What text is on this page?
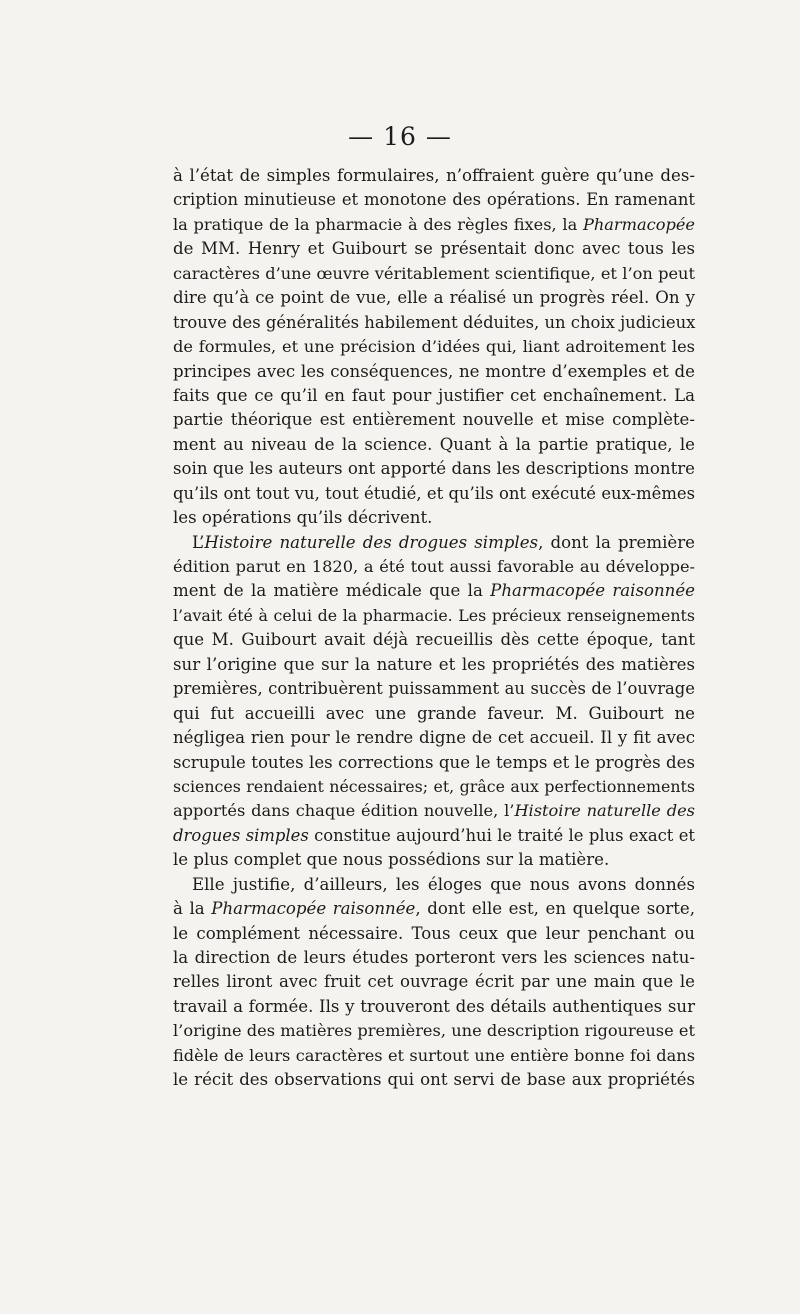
— 16 —
à l’état de simples formulaires, n’offraient guère qu’une des-
cription minutieuse et monotone des opérations. En ramenant
la pratique de la pharmacie à des règles fixes, la Pharmacopée
de MM. Henry et Guibourt se présentait donc avec tous les
caractères d’une œuvre véritablement scientifique, et l’on peut
dire qu’à ce point de vue, elle a réalisé un progrès réel. On y
trouve des généralités habilement déduites, un choix judicieux
de formules, et une précision d’idées qui, liant adroitement les
principes avec les conséquences, ne montre d’exemples et de
faits que ce qu’il en faut pour justifier cet enchaînement. La
partie théorique est entièrement nouvelle et mise complète-
ment au niveau de la science. Quant à la partie pratique, le
soin que les auteurs ont apporté dans les descriptions montre
qu’ils ont tout vu, tout étudié, et qu’ils ont exécuté eux-mêmes
les opérations qu’ils décrivent.
L’Histoire naturelle des drogues simples, dont la première
édition parut en 1820, a été tout aussi favorable au développe-
ment de la matière médicale que la Pharmacopée raisonnée
l’avait été à celui de la pharmacie. Les précieux renseignements
que M. Guibourt avait déjà recueillis dès cette époque, tant
sur l’origine que sur la nature et les propriétés des matières
premières, contribuèrent puissamment au succès de l’ouvrage
qui fut accueilli avec une grande faveur. M. Guibourt ne
négligea rien pour le rendre digne de cet accueil. Il y fit avec
scrupule toutes les corrections que le temps et le progrès des
sciences rendaient nécessaires; et, grâce aux perfectionnements
apportés dans chaque édition nouvelle, l’Histoire naturelle des
drogues simples constitue aujourd’hui le traité le plus exact et
le plus complet que nous possédions sur la matière.
Elle justifie, d’ailleurs, les éloges que nous avons donnés
à la Pharmacopée raisonnée, dont elle est, en quelque sorte,
le complément nécessaire. Tous ceux que leur penchant ou
la direction de leurs études porteront vers les sciences natu-
relles liront avec fruit cet ouvrage écrit par une main que le
travail a formée. Ils y trouveront des détails authentiques sur
l’origine des matières premières, une description rigoureuse et
fidèle de leurs caractères et surtout une entière bonne foi dans
le récit des observations qui ont servi de base aux propriétés
